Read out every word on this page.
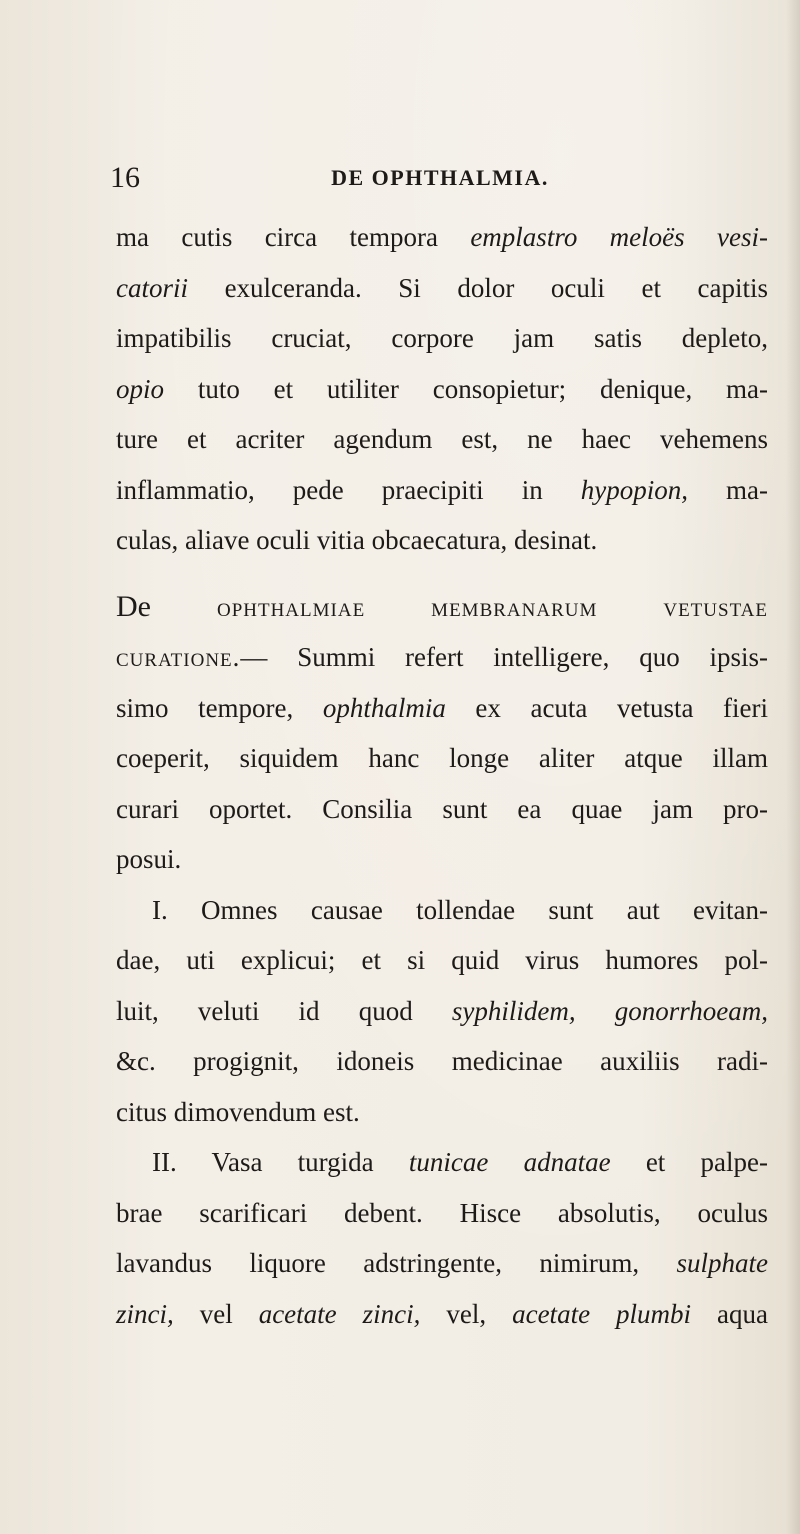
16	DE OPHTHALMIA.
ma cutis circa tempora emplastro meloës vesi-
catorii exulceranda. Si dolor oculi et capitis
impatibilis cruciat, corpore jam satis depleto,
opio tuto et utiliter consopietur; denique, ma-
ture et acriter agendum est, ne haec vehemens
inflammatio, pede praecipiti in hypopion, ma-
culas, aliave oculi vitia obcaecatura, desinat.
De ophthalmiae membranarum vetustae
curatione.— Summi refert intelligere, quo ipsis-
simo tempore, ophthalmia ex acuta vetusta fieri
coeperit, siquidem hanc longe aliter atque illam
curari oportet. Consilia sunt ea quae jam pro-
posui.
I. Omnes causae tollendae sunt aut evitan-
dae, uti explicui; et si quid virus humores pol-
luit, veluti id quod syphilidem, gonorrhoeam,
&c. progignit, idoneis medicinae auxiliis radi-
citus dimovendum est.
II. Vasa turgida tunicae adnatae et palpe-
brae scarificari debent. Hisce absolutis, oculus
lavandus liquore adstringente, nimirum, sulphate
zinci, vel acetate zinci, vel, acetate plumbi aqua
